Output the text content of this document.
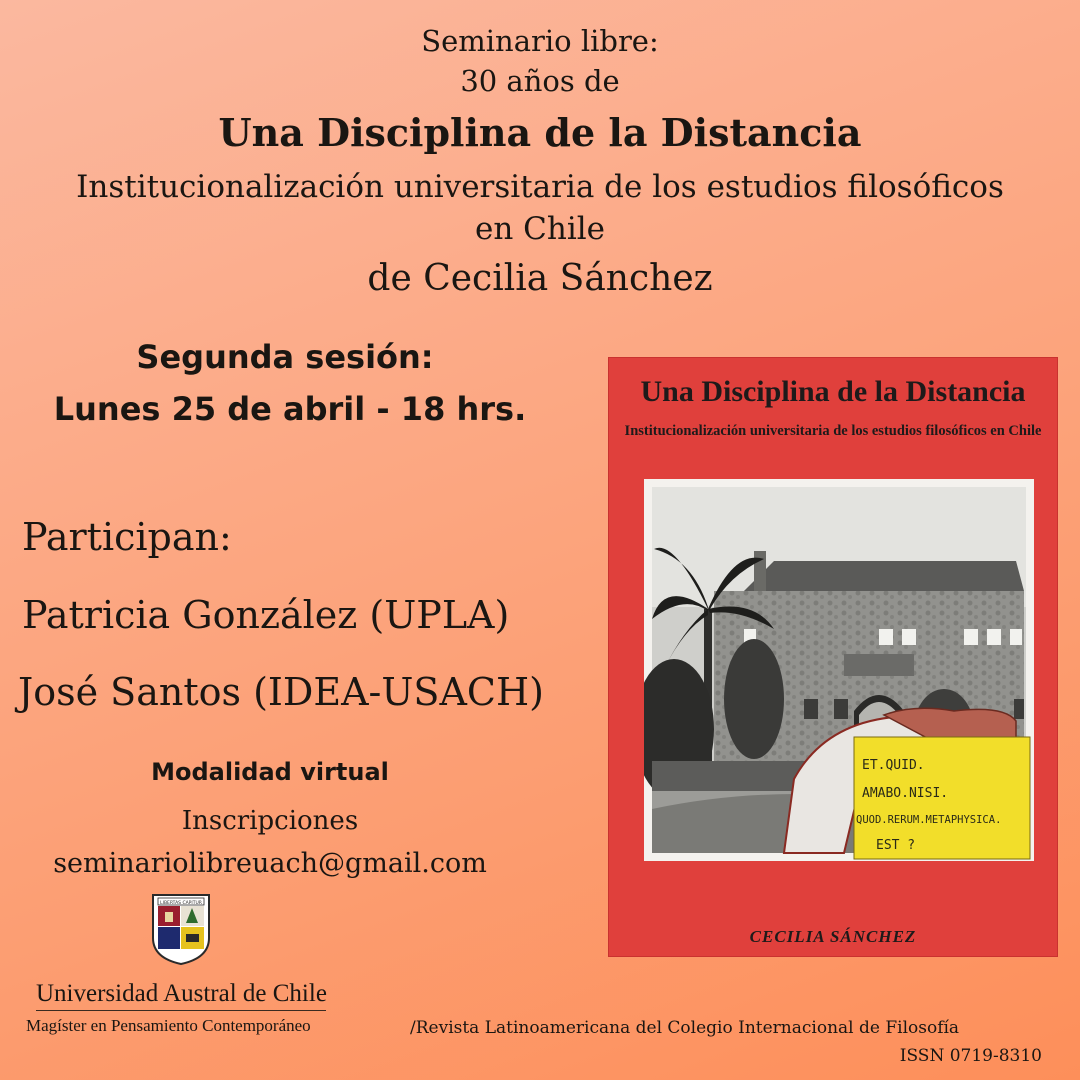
Seminario libre:
30 años de
Una Disciplina de la Distancia
Institucionalización universitaria de los estudios filosóficos
en Chile
de Cecilia Sánchez
Segunda sesión:
Lunes 25 de abril - 18 hrs.
Participan:
Patricia González (UPLA)
José Santos (IDEA-USACH)
Modalidad virtual
Inscripciones
seminariolibreuach@gmail.com
LIBERTAS CAPITUR
Universidad Austral de Chile
Magíster en Pensamiento Contemporáneo	/Revista Latinoamericana del Colegio Internacional de Filosofía
ISSN 0719-8310
Una Disciplina de la Distancia
Institucionalización universitaria de los estudios filosóficos en Chile
ET.QUID.
AMABO.NISI.
QUOD.RERUM.METAPHYSICA.
EST ?
CECILIA SÁNCHEZ
